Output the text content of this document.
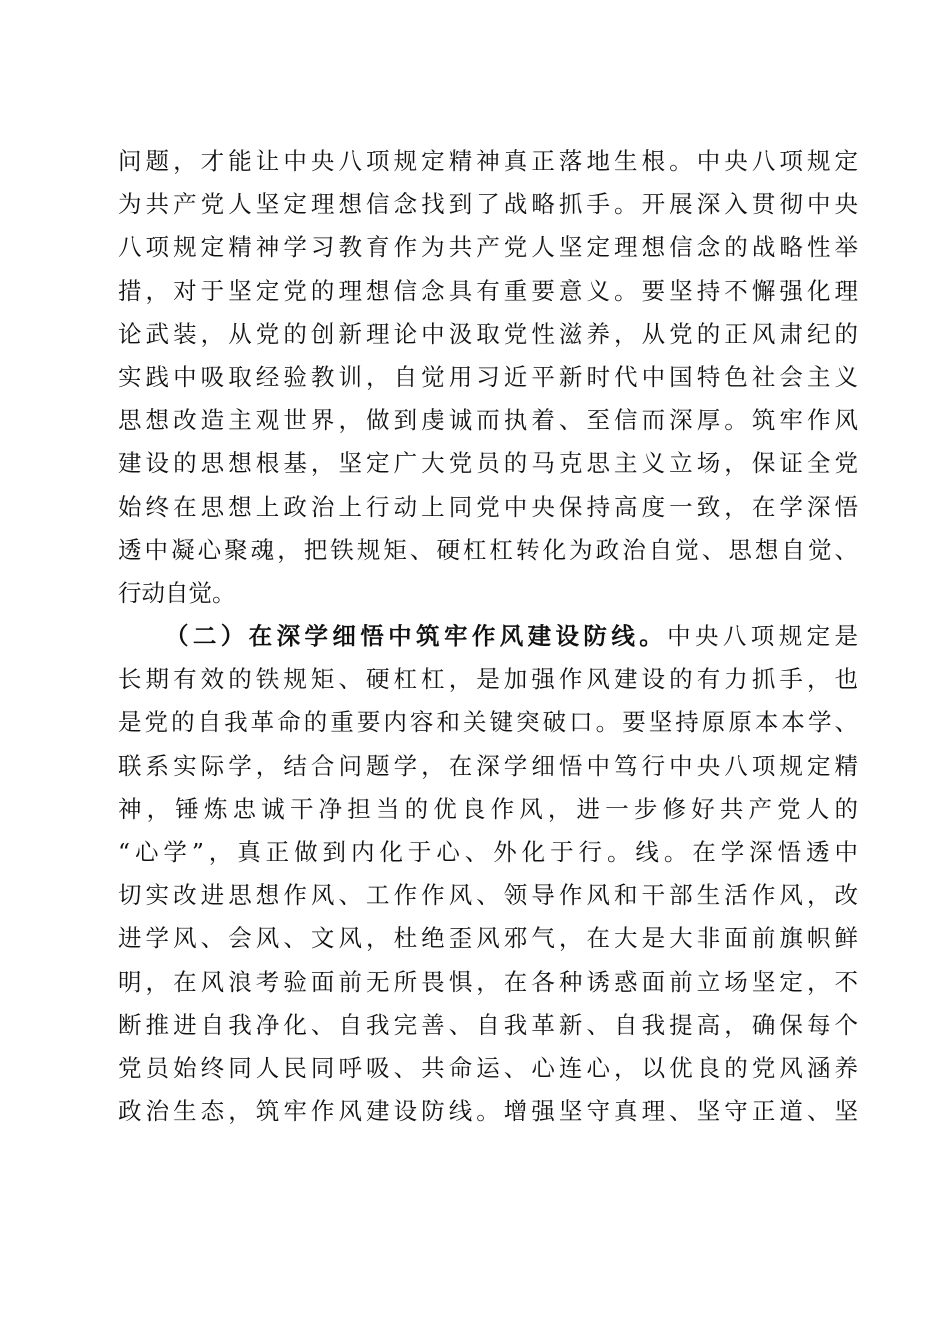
问题，才能让中央八项规定精神真正落地生根。中央八项规定
为共产党人坚定理想信念找到了战略抓手。开展深入贯彻中央
八项规定精神学习教育作为共产党人坚定理想信念的战略性举
措，对于坚定党的理想信念具有重要意义。要坚持不懈强化理
论武装，从党的创新理论中汲取党性滋养，从党的正风肃纪的
实践中吸取经验教训，自觉用习近平新时代中国特色社会主义
思想改造主观世界，做到虔诚而执着、至信而深厚。筑牢作风
建设的思想根基，坚定广大党员的马克思主义立场，保证全党
始终在思想上政治上行动上同党中央保持高度一致，在学深悟
透中凝心聚魂，把铁规矩、硬杠杠转化为政治自觉、思想自觉、
行动自觉。
（二）在深学细悟中筑牢作风建设防线。中央八项规定是
长期有效的铁规矩、硬杠杠，是加强作风建设的有力抓手，也
是党的自我革命的重要内容和关键突破口。要坚持原原本本学、
联系实际学，结合问题学，在深学细悟中笃行中央八项规定精
神，锤炼忠诚干净担当的优良作风，进一步修好共产党人的
“心学”，真正做到内化于心、外化于行。线。在学深悟透中
切实改进思想作风、工作作风、领导作风和干部生活作风，改
进学风、会风、文风，杜绝歪风邪气，在大是大非面前旗帜鲜
明，在风浪考验面前无所畏惧，在各种诱惑面前立场坚定，不
断推进自我净化、自我完善、自我革新、自我提高，确保每个
党员始终同人民同呼吸、共命运、心连心，以优良的党风涵养
政治生态，筑牢作风建设防线。增强坚守真理、坚守正道、坚
